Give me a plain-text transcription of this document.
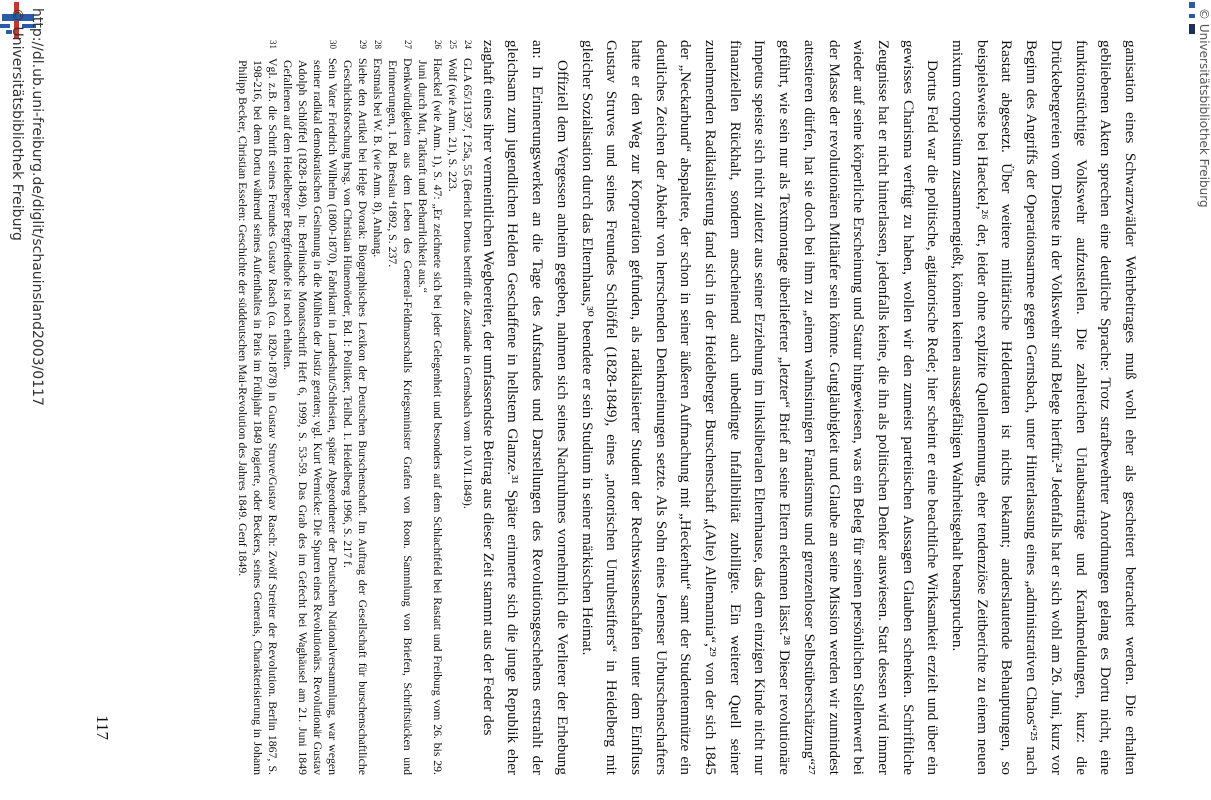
© Universitätsbibliothek Freiburg

ganisation eines Schwarzwälder Wehrbeitrages muß wohl eher als gescheitert betrachtet werden. Die erhalten gebliebenen Akten sprechen eine deutliche Sprache: Trotz strafbewehrter Anordnungen gelang es Dortu nicht, eine funktionstüchtige Volkswehr aufzustellen. Die zahlreichen Urlaubsanträge und Krankmeldungen, kurz: die Drückebergereien vom Dienste in der Volkswehr sind Belege hierfür.²⁴ Jedenfalls hat er sich wohl am 26. Juni, kurz vor Beginn des Angriffs der Operationsarmee gegen Gernsbach, unter Hinterlassung eines „administrativen Chaos“²⁵ nach Rastatt abgesetzt. Über weitere militärische Heldentaten ist nichts bekannt; anderslautende Behauptungen, so beispielsweise bei Haeckel,²⁶ der, leider ohne explizite Quellennennung, eher tendenziöse Zeitberichte zu einem neuen mixtum compositum zusammengießt, können keinen aussagefähigen Wahrheitsgehalt beanspruchen.

Dortus Feld war die politische, agitatorische Rede; hier scheint er eine beachtliche Wirksamkeit erzielt und über ein gewisses Charisma verfügt zu haben, wollen wir den zumeist parteiischen Aussagen Glauben schenken. Schriftliche Zeugnisse hat er nicht hinterlassen, jedenfalls keine, die ihn als politischen Denker auswiesen. Statt dessen wird immer wieder auf seine körperliche Erscheinung und Statur hingewiesen, was ein Beleg für seinen persönlichen Stellenwert bei der Masse der revolutionären Mitläufer sein könnte. Gutgläubigkeit und Glaube an seine Mission werden wir zumindest attestieren dürfen, hat sie doch bei ihm zu „einem wahnsinnigen Fanatismus und grenzenloser Selbstüberschätzung“²⁷ geführt, wie sein nur als Textmontage überlieferter „letzter“ Brief an seine Eltern erkennen lässt.²⁸ Dieser revolutionäre Impetus speiste sich nicht zuletzt aus seiner Erziehung im linksliberalen Elternhause, das dem einzigen Kinde nicht nur finanziellen Rückhalt, sondern anscheinend auch unbedingte Infallibilität zubilligte. Ein weiterer Quell seiner zunehmenden Radikalisierung fand sich in der Heidelberger Burschenschaft „(Alte) Allemannia“,²⁹ von der sich 1845 der „Neckarbund“ abspaltete, der schon in seiner äußeren Aufmachung mit „Heckerhut“ samt der Studentenmütze ein deutliches Zeichen der Abkehr von herrschenden Denkmeinungen setzte. Als Sohn eines Jenenser Urburschenschafters hatte er den Weg zur Korporation gefunden, als radikalisierter Student der Rechtswissenschaften unter dem Einfluss Gustav Struves und seines Freundes Schlöffel (1828-1849), eines „notorischen Unruhestifters“ in Heidelberg mit gleicher Sozialisation durch das Elternhaus,³⁰ beendete er sein Studium in seiner märkischen Heimat.

Offiziell dem Vergessen anheim gegeben, nahmen sich seines Nachruhmes vornehmlich die Verlierer der Erhebung an: In Erinnerungswerken an die Tage des Aufstandes und Darstellungen des Revolutionsgeschehens erstrahlt der gleichsam zum jugendlichen Helden Geschaffene in hellstem Glanze.³¹ Später erinnerte sich die junge Republik eher zaghaft eines ihrer vermeintlichen Wegbereiter, der umfassendste Beitrag aus dieser Zeit stammt aus der Feder des

24GLA 65/11397, f 25a, 55 (Bericht Dortus betrifft die Zustände in Gernsbach vom 10.VII.1849).
25Wolf (wie Anm. 21), S. 223.
26Haeckel (wie Anm. 1), S. 47: „Er zeichnete sich bei jeder Gelegenheit und besonders auf dem Schlachtfeld bei Rastatt und Freiburg vom 26. bis 29. Juni durch Mut, Tatkraft und Beharrlichkeit aus.“
27Denkwürdigkeiten aus dem Leben des General-Feldmarschalls Kriegsminister Grafen von Roon. Sammlung von Briefen, Schriftstücken und Erinnerungen, 1. Bd. Breslau ⁴1892, S. 237.
28Erstmals bei W. B. (wie Anm. 8), Anhang.
29Siehe den Artikel bei Helge Dvorak: Biographisches Lexikon der Deutschen Burschenschaft. Im Auftrag der Gesellschaft für burschenschaftliche Geschichtsforschung hrsg. von Christian Hünemörder, Bd. I: Politiker, Teilbd. 1. Heidelberg 1996, S. 217 f.
30Sein Vater Friedrich Wilhelm (1800-1870), Fabrikant in Landeshut/Schlesien, später Abgeordneter der Deutschen Nationalversammlung, war wegen seiner radikal demokratischen Gesinnung in die Mühlen der Justiz geraten; vgl. Kurt Wernicke: Die Spuren eines Revolutionärs. Revolutionär Gustav Adolph Schlöffel (1828-1849). In: Berlinische Monatsschrift Heft 6, 1999, S. 53-59. Das Grab des im Gefecht bei Waghäusel am 21. Juni 1849 Gefallenen auf dem Heidelberger Bergfriedhofe ist noch erhalten.
31Vgl. z.B. die Schrift seines Freundes Gustav Rasch (ca. 1820-1878) in Gustav Struve/Gustav Rasch: Zwölf Streiter der Revolution. Berlin 1867, S. 198-216, bei dem Dortu während seines Aufenthaltes in Paris im Frühjahr 1849 logierte, oder Beckers, seines Generals, Charakterisierung in Johann Philipp Becker, Christian Esselen: Geschichte der süddeutschen Mai-Revolution des Jahres 1849. Genf 1849.
117
http://dl.ub.uni-freiburg.de/diglit/schauinsland2003/0117
© Universitätsbibliothek Freiburg
